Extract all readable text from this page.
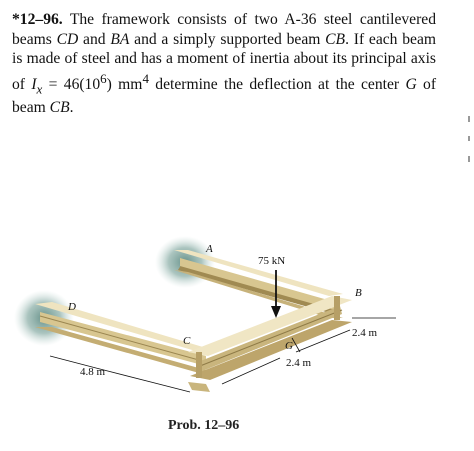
*12–96. The framework consists of two A-36 steel cantilevered beams CD and BA and a simply supported beam CB. If each beam is made of steel and has a moment of inertia about its principal axis of $I_x = 46(10^6)$ $mm^4$ determine the deflection at the center G of beam CB.

A
B
C
D
G
75 kN
4.8 m
2.4 m
2.4 m
Prob. 12–96
